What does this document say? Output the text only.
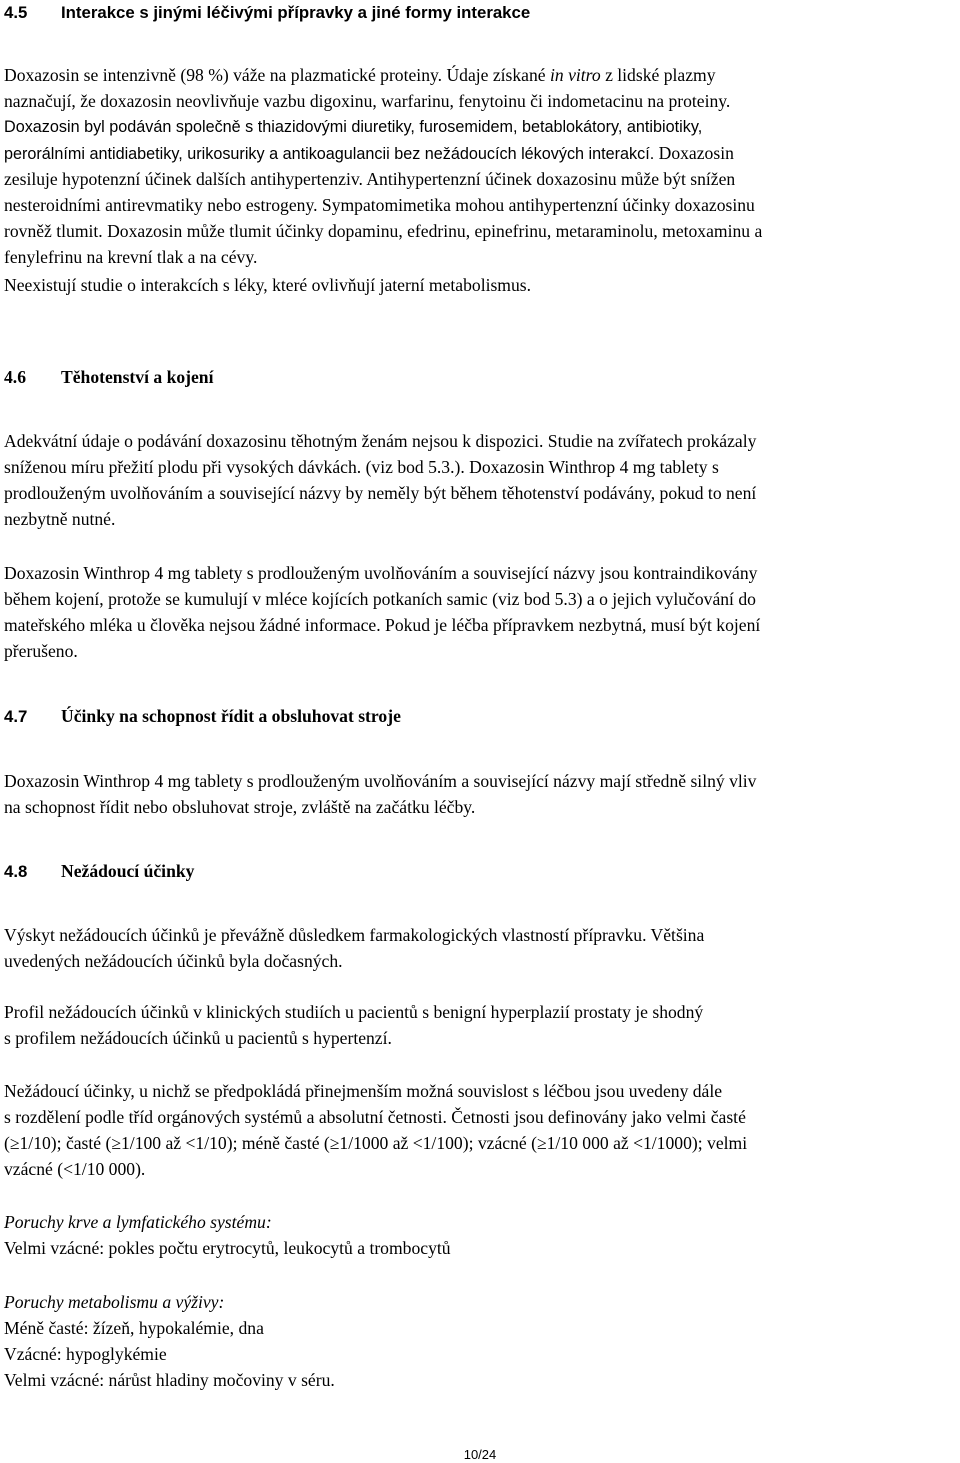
4.5 Interakce s jinými léčivými přípravky a jiné formy interakce
Doxazosin se intenzivně (98 %) váže na plazmatické proteiny. Údaje získané in vitro z lidské plazmy
naznačují, že doxazosin neovlivňuje vazbu digoxinu, warfarinu, fenytoinu či indometacinu na proteiny.
Doxazosin byl podáván společně s thiazidovými diuretiky, furosemidem, betablokátory, antibiotiky,
perorálními antidiabetiky, urikosuriky a antikoagulancii bez nežádoucích lékových interakcí. Doxazosin
zesiluje hypotenzní účinek dalších antihypertenziv. Antihypertenzní účinek doxazosinu může být snížen
nesteroidními antirevmatiky nebo estrogeny. Sympatomimetika mohou antihypertenzní účinky doxazosinu
rovněž tlumit. Doxazosin může tlumit účinky dopaminu, efedrinu, epinefrinu, metaraminolu, metoxaminu a
fenylefrinu na krevní tlak a na cévy.
Neexistují studie o interakcích s léky, které ovlivňují jaterní metabolismus.
4.6 Těhotenství a kojení
Adekvátní údaje o podávání doxazosinu těhotným ženám nejsou k dispozici. Studie na zvířatech prokázaly
sníženou míru přežití plodu při vysokých dávkách. (viz bod 5.3.). Doxazosin Winthrop 4 mg tablety s
prodlouženým uvolňováním a související názvy by neměly být během těhotenství podávány, pokud to není
nezbytně nutné.
Doxazosin Winthrop 4 mg tablety s prodlouženým uvolňováním a související názvy jsou kontraindikovány
během kojení, protože se kumulují v mléce kojících potkaních samic (viz bod 5.3) a o jejich vylučování do
mateřského mléka u člověka nejsou žádné informace. Pokud je léčba přípravkem nezbytná, musí být kojení
přerušeno.
4.7 Účinky na schopnost řídit a obsluhovat stroje
Doxazosin Winthrop 4 mg tablety s prodlouženým uvolňováním a související názvy mají středně silný vliv
na schopnost řídit nebo obsluhovat stroje, zvláště na začátku léčby.
4.8 Nežádoucí účinky
Výskyt nežádoucích účinků je převážně důsledkem farmakologických vlastností přípravku. Většina
uvedených nežádoucích účinků byla dočasných.
Profil nežádoucích účinků v klinických studiích u pacientů s benigní hyperplazií prostaty je shodný
s profilem nežádoucích účinků u pacientů s hypertenzí.
Nežádoucí účinky, u nichž se předpokládá přinejmenším možná souvislost s léčbou jsou uvedeny dále
s rozdělení podle tříd orgánových systémů a absolutní četnosti. Četnosti jsou definovány jako velmi časté
(≥1/10); časté (≥1/100 až <1/10); méně časté (≥1/1000 až <1/100); vzácné (≥1/10 000 až <1/1000); velmi
vzácné (<1/10 000).
Poruchy krve a lymfatického systému:
Velmi vzácné: pokles počtu erytrocytů, leukocytů a trombocytů
Poruchy metabolismu a výživy:
Méně časté: žízeň, hypokalémie, dna
Vzácné: hypoglykémie
Velmi vzácné: nárůst hladiny močoviny v séru.
10/24
